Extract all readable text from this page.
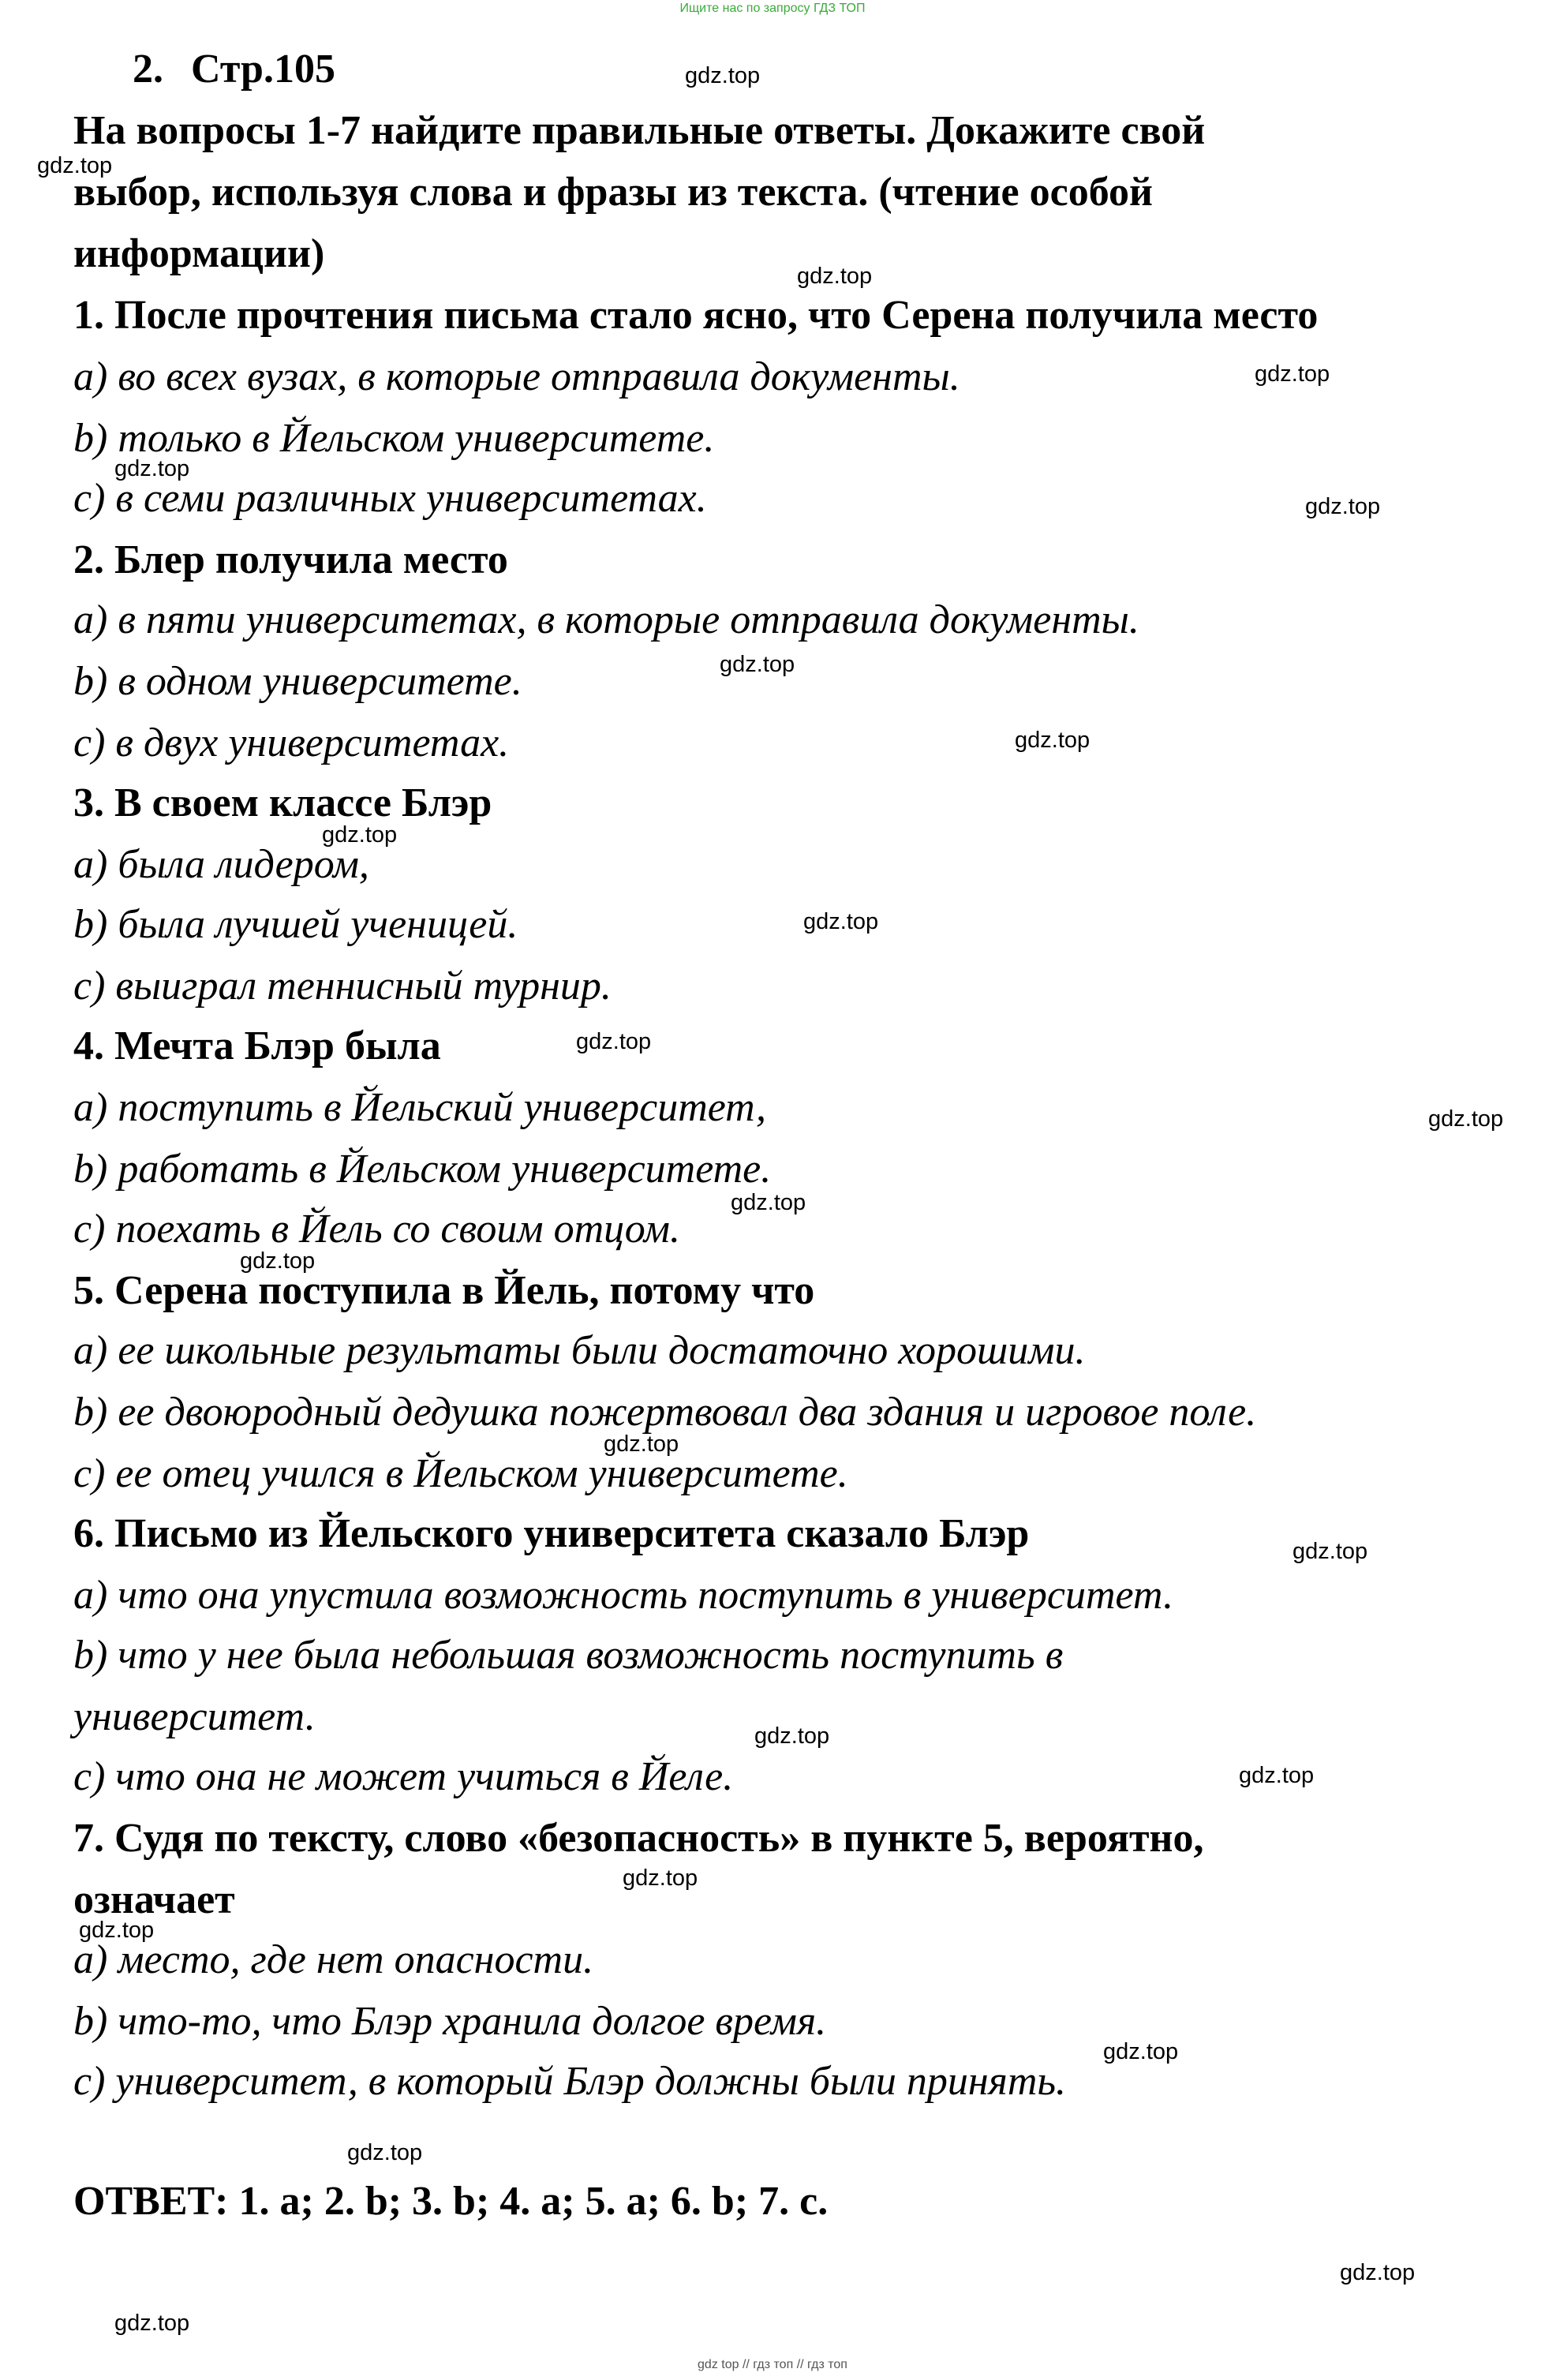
Ищите нас по запросу ГДЗ ТОП
2. Стр.105
На вопросы 1-7 найдите правильные ответы. Докажите свой
выбор, используя слова и фразы из текста. (чтение особой
информации)
1. После прочтения письма стало ясно, что Серена получила место
a) во всех вузах, в которые отправила документы.
b) только в Йельском университете.
c) в семи различных университетах.
2. Блер получила место
a) в пяти университетах, в которые отправила документы.
b) в одном университете.
c) в двух университетах.
3. В своем классе Блэр
a) была лидером,
b) была лучшей ученицей.
c) выиграл теннисный турнир.
4. Мечта Блэр была
a) поступить в Йельский университет,
b) работать в Йельском университете.
c) поехать в Йель со своим отцом.
5. Серена поступила в Йель, потому что
a) ее школьные результаты были достаточно хорошими.
b) ее двоюродный дедушка пожертвовал два здания и игровое поле.
c) ее отец учился в Йельском университете.
6. Письмо из Йельского университета сказало Блэр
a) что она упустила возможность поступить в университет.
b) что у нее была небольшая возможность поступить в
университет.
c) что она не может учиться в Йеле.
7. Судя по тексту, слово «безопасность» в пункте 5, вероятно,
означает
a) место, где нет опасности.
b) что-то, что Блэр хранила долгое время.
c) университет, в который Блэр должны были принять.
ОТВЕТ: 1. a; 2. b; 3. b; 4. a; 5. a; 6. b; 7. c.
gdz.top
gdz.top
gdz.top
gdz.top
gdz.top
gdz.top
gdz.top
gdz.top
gdz.top
gdz.top
gdz.top
gdz.top
gdz.top
gdz.top
gdz.top
gdz.top
gdz.top
gdz.top
gdz.top
gdz.top
gdz.top
gdz.top
gdz.top
gdz.top
gdz top // гдз топ // гдз топ
